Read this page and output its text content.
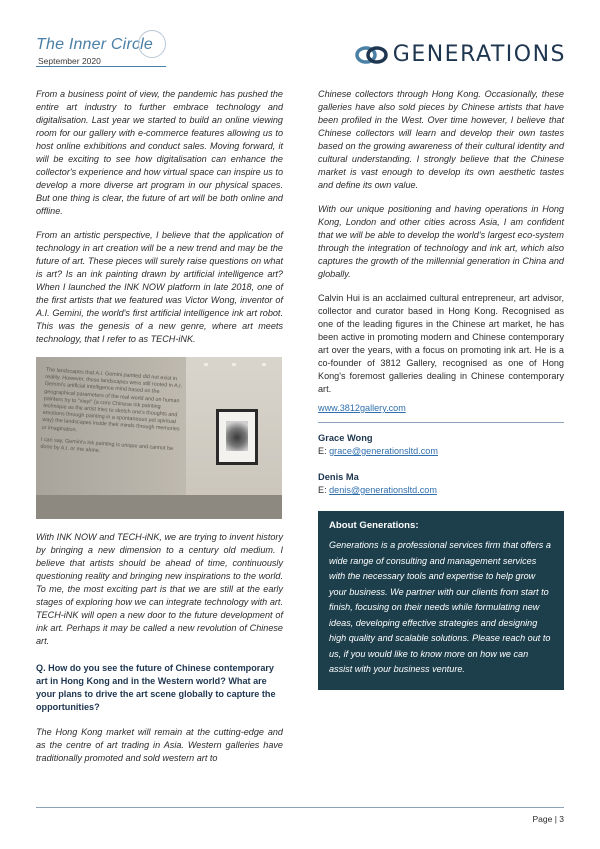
The Inner Circle
September 2020	GENERATIONS

From a business point of view, the pandemic has pushed the entire art industry to further embrace technology and digitalisation. Last year we started to build an online viewing room for our gallery with e-commerce features allowing us to host online exhibitions and conduct sales. Moving forward, it will be exciting to see how digitalisation can enhance the collector's experience and how virtual space can inspire us to develop a more diverse art program in our physical spaces. But one thing is clear, the future of art will be both online and offline.

From an artistic perspective, I believe that the application of technology in art creation will be a new trend and may be the future of art. These pieces will surely raise questions on what is art? Is an ink painting drawn by artificial intelligence art? When I launched the INK NOW platform in late 2018, one of the first artists that we featured was Victor Wong, inventor of A.I. Gemini, the world's first artificial intelligence ink art robot. This was the genesis of a new genre, where art meets technology, that I refer to as TECH-iNK.

The landscapes that A.I. Gemini painted did not exist in reality. However, those landscapes were still rooted in A.I. Gemini's artificial intelligence mind based on the geographical parameters of the real world and on human painters try to "xieyi" (a core Chinese ink painting technique as the artist tries to sketch one's thoughts and emotions through painting in a spontaneous yet spiritual way) the landscapes inside their minds through memories or imagination.

I can say, Gemini's ink painting is unique and cannot be done by A.I. or me alone.

With INK NOW and TECH-iNK, we are trying to invent history by bringing a new dimension to a century old medium. I believe that artists should be ahead of time, continuously questioning reality and bringing new inspirations to the world. To me, the most exciting part is that we are still at the early stages of exploring how we can integrate technology with art. TECH-iNK will open a new door to the future development of ink art. Perhaps it may be called a new revolution of Chinese art.

Q. How do you see the future of Chinese contemporary art in Hong Kong and in the Western world? What are your plans to drive the art scene globally to capture the opportunities?

The Hong Kong market will remain at the cutting-edge and as the centre of art trading in Asia. Western galleries have traditionally promoted and sold western art to

Chinese collectors through Hong Kong. Occasionally, these galleries have also sold pieces by Chinese artists that have been profiled in the West. Over time however, I believe that Chinese collectors will learn and develop their own tastes based on the growing awareness of their cultural identity and cultural understanding. I strongly believe that the Chinese market is vast enough to develop its own aesthetic tastes and define its own value.

With our unique positioning and having operations in Hong Kong, London and other cities across Asia, I am confident that we will be able to develop the world's largest eco-system through the integration of technology and ink art, which also captures the growth of the millennial generation in China and globally.

Calvin Hui is an acclaimed cultural entrepreneur, art advisor, collector and curator based in Hong Kong. Recognised as one of the leading figures in the Chinese art market, he has been active in promoting modern and Chinese contemporary art over the years, with a focus on promoting ink art. He is a co-founder of 3812 Gallery, recognised as one of Hong Kong's foremost galleries dealing in Chinese contemporary art.

www.3812gallery.com
Grace Wong
E: grace@generationsltd.com
Denis Ma
E: denis@generationsltd.com
About Generations:

Generations is a professional services firm that offers a wide range of consulting and management services with the necessary tools and expertise to help grow your business. We partner with our clients from start to finish, focusing on their needs while formulating new ideas, developing effective strategies and designing high quality and scalable solutions. Please reach out to us, if you would like to know more on how we can assist with your business venture.

Page | 3
